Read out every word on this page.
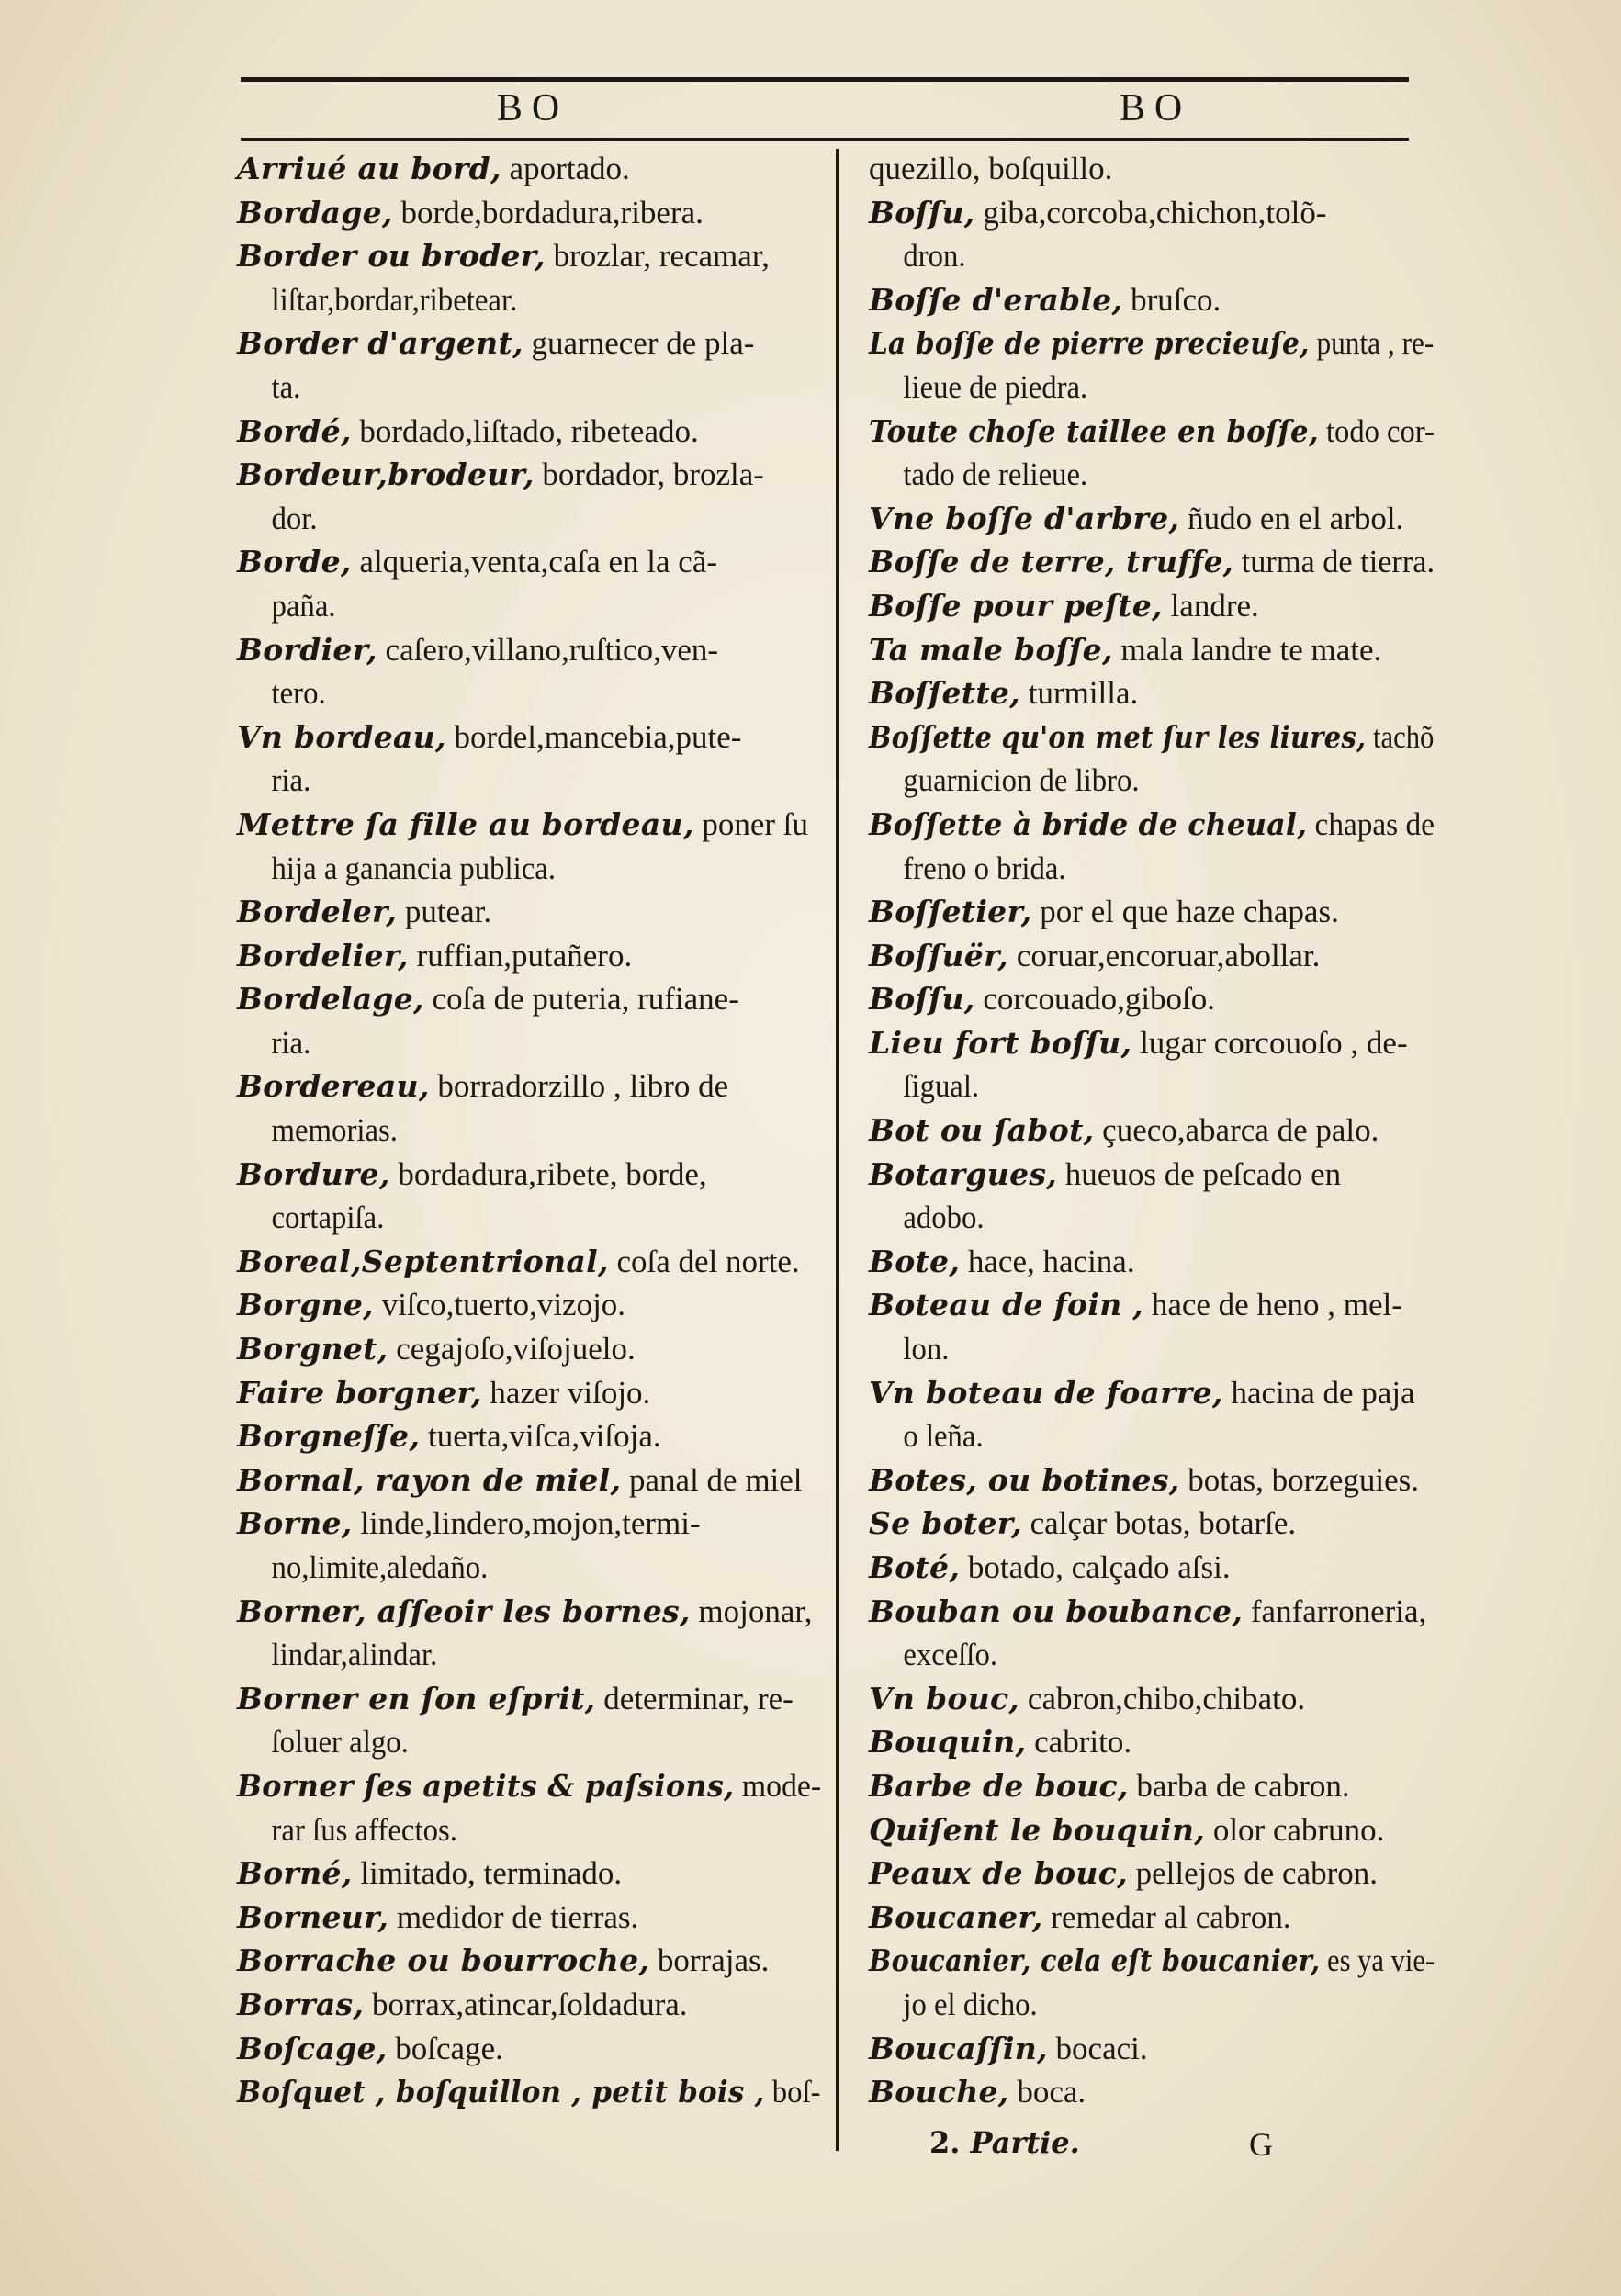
BO	BO
Arriué au bord, aportado.
Bordage, borde,bordadura,ribera.
Border ou broder, brozlar, recamar,
liſtar,bordar,ribetear.
Border d'argent, guarnecer de pla-
ta.
Bordé, bordado,liſtado, ribeteado.
Bordeur,brodeur, bordador, brozla-
dor.
Borde, alqueria,venta,caſa en la cã-
paña.
Bordier, caſero,villano,ruſtico,ven-
tero.
Vn bordeau, bordel,mancebia,pute-
ria.
Mettre ſa fille au bordeau, poner ſu
hija a ganancia publica.
Bordeler, putear.
Bordelier, ruffian,putañero.
Bordelage, coſa de puteria, rufiane-
ria.
Bordereau, borradorzillo , libro de
memorias.
Bordure, bordadura,ribete, borde,
cortapiſa.
Boreal,Septentrional, coſa del norte.
Borgne, viſco,tuerto,vizojo.
Borgnet, cegajoſo,viſojuelo.
Faire borgner, hazer viſojo.
Borgneſſe, tuerta,viſca,viſoja.
Bornal, rayon de miel, panal de miel
Borne, linde,lindero,mojon,termi-
no,limite,aledaño.
Borner, aſſeoir les bornes, mojonar,
lindar,alindar.
Borner en ſon eſprit, determinar, re-
ſoluer algo.
Borner ſes apetits & paſsions, mode-
rar ſus affectos.
Borné, limitado, terminado.
Borneur, medidor de tierras.
Borrache ou bourroche, borrajas.
Borras, borrax,atincar,ſoldadura.
Boſcage, boſcage.
Boſquet , boſquillon , petit bois , boſ-
quezillo, boſquillo.
Boſſu, giba,corcoba,chichon,tolõ-
dron.
Boſſe d'erable, bruſco.
La boſſe de pierre precieuſe, punta , re-
lieue de piedra.
Toute choſe taillee en boſſe, todo cor-
tado de relieue.
Vne boſſe d'arbre, ñudo en el arbol.
Boſſe de terre, truffe, turma de tierra.
Boſſe pour peſte, landre.
Ta male boſſe, mala landre te mate.
Boſſette, turmilla.
Boſſette qu'on met ſur les liures, tachõ
guarnicion de libro.
Boſſette à bride de cheual, chapas de
freno o brida.
Boſſetier, por el que haze chapas.
Boſſuër, coruar,encoruar,abollar.
Boſſu, corcouado,giboſo.
Lieu fort boſſu, lugar corcouoſo , de-
ſigual.
Bot ou ſabot, çueco,abarca de palo.
Botargues, hueuos de peſcado en
adobo.
Bote, hace, hacina.
Boteau de foin , hace de heno , mel-
lon.
Vn boteau de foarre, hacina de paja
o leña.
Botes, ou botines, botas, borzeguies.
Se boter, calçar botas, botarſe.
Boté, botado, calçado aſsi.
Bouban ou boubance, fanfarroneria,
exceſſo.
Vn bouc, cabron,chibo,chibato.
Bouquin, cabrito.
Barbe de bouc, barba de cabron.
Quiſent le bouquin, olor cabruno.
Peaux de bouc, pellejos de cabron.
Boucaner, remedar al cabron.
Boucanier, cela eſt boucanier, es ya vie-
jo el dicho.
Boucaſſin, bocaci.
Bouche, boca.
2. Partie.	G
